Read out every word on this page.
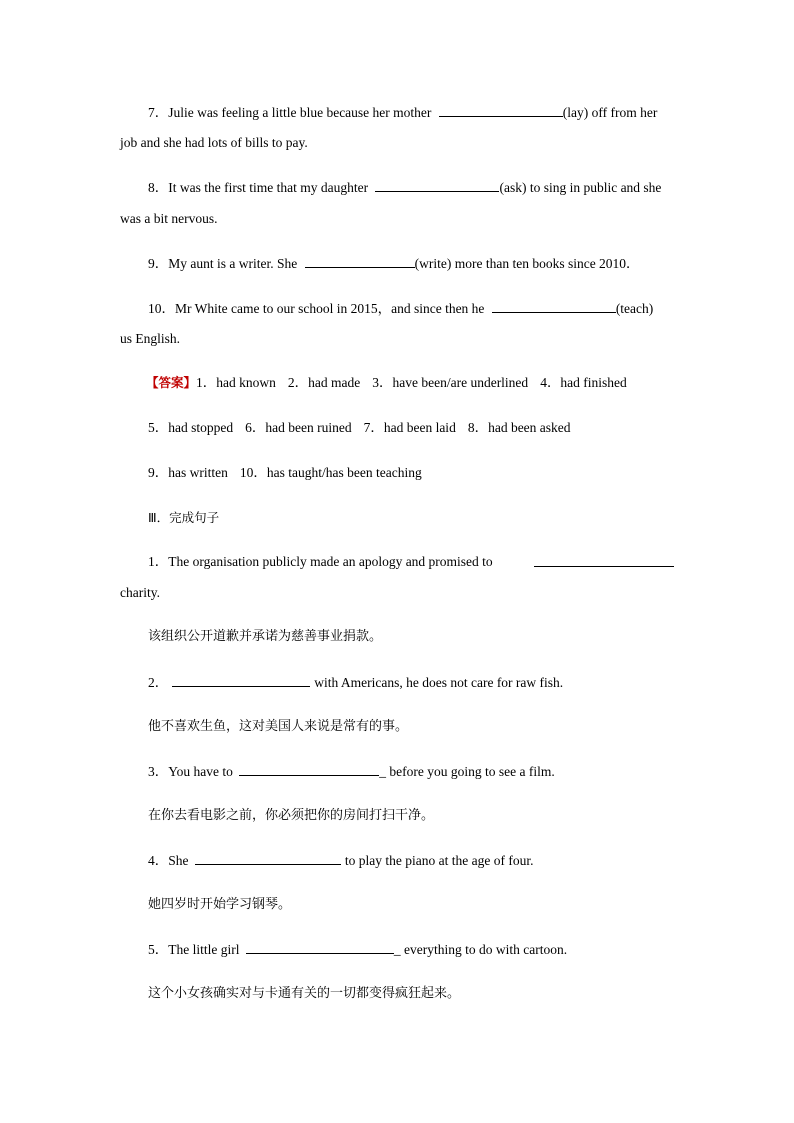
7．Julie was feeling a little blue because her mother	(lay) off from her
job and she had lots of bills to pay.
8．It was the first time that my daughter	(ask) to sing in public and she
was a bit nervous.
9．My aunt is a writer. She	(write) more than ten books since 2010．
10．Mr White came to our school in 2015，and since then he	(teach)
us English.
【答案】1．had known 2．had made 3．have been/are underlined 4．had finished
5．had stopped 6．had been ruined 7．had been laid 8．had been asked
9．has written 10．has taught/has been teaching
Ⅲ．完成句子
1．The organisation publicly made an apology and promised to
charity.
该组织公开道歉并承诺为慈善事业捐款。
2．	with Americans, he does not care for raw fish.
他不喜欢生鱼，这对美国人来说是常有的事。
3．You have to	_ before you going to see a film.
在你去看电影之前，你必须把你的房间打扫干净。
4．She	to play the piano at the age of four.
她四岁时开始学习钢琴。
5．The little girl	_ everything to do with cartoon.
这个小女孩确实对与卡通有关的一切都变得疯狂起来。
